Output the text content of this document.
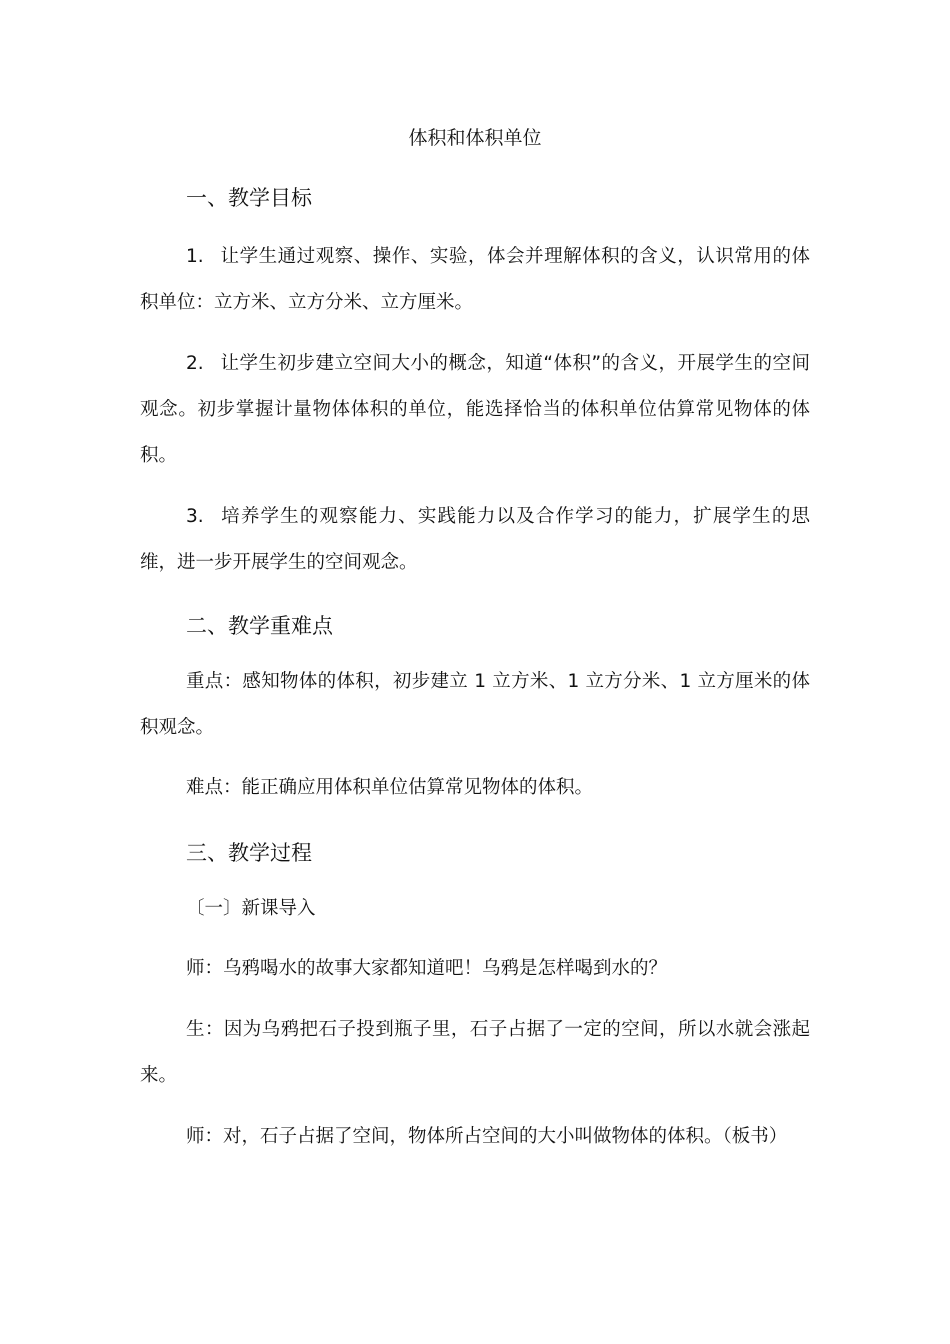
体积和体积单位
一、教学目标
1. 让学生通过观察、操作、实验，体会并理解体积的含义，认识常用的体积单位：立方米、立方分米、立方厘米。
2. 让学生初步建立空间大小的概念，知道“体积”的含义，开展学生的空间观念。初步掌握计量物体体积的单位，能选择恰当的体积单位估算常见物体的体积。
3. 培养学生的观察能力、实践能力以及合作学习的能力，扩展学生的思维，进一步开展学生的空间观念。
二、教学重难点
重点：感知物体的体积，初步建立 1 立方米、1 立方分米、1 立方厘米的体积观念。
难点：能正确应用体积单位估算常见物体的体积。
三、教学过程
〔一〕新课导入
师：乌鸦喝水的故事大家都知道吧！乌鸦是怎样喝到水的？
生：因为乌鸦把石子投到瓶子里，石子占据了一定的空间，所以水就会涨起来。
师：对，石子占据了空间，物体所占空间的大小叫做物体的体积。（板书）
